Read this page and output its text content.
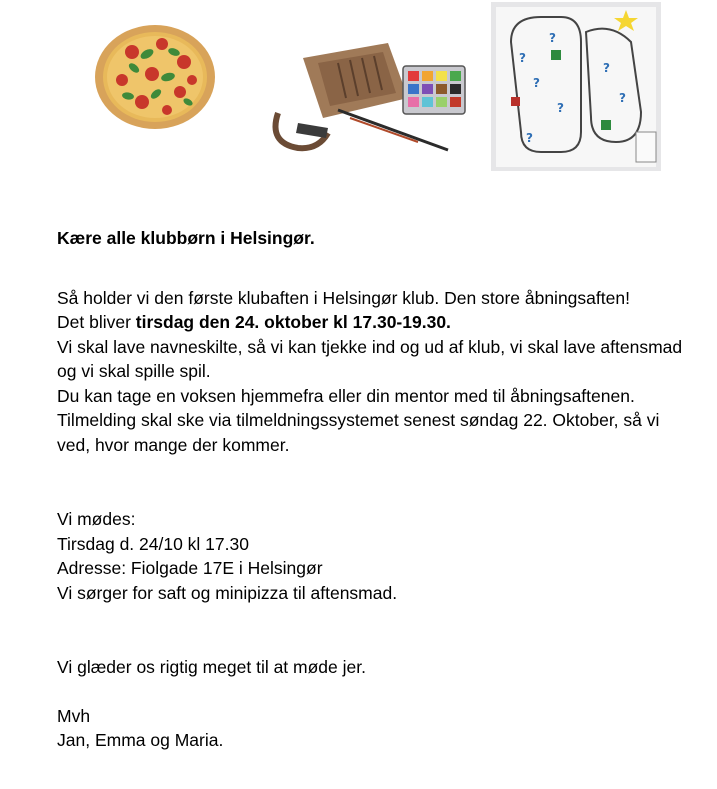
?
?
?
?
?
?
?

Kære alle klubbørn i Helsingør.

Så holder vi den første klubaften i Helsingør klub. Den store åbningsaften!

Det bliver tirsdag den 24. oktober kl 17.30-19.30.

Vi skal lave navneskilte, så vi kan tjekke ind og ud af klub, vi skal lave aftensmad og vi skal spille spil.

Du kan tage en voksen hjemmefra eller din mentor med til åbningsaftenen.

Tilmelding skal ske via tilmeldningssystemet senest søndag 22. Oktober, så vi ved, hvor mange der kommer.

Vi mødes:

Tirsdag d. 24/10 kl 17.30

Adresse: Fiolgade 17E i Helsingør

Vi sørger for saft og minipizza til aftensmad.

Vi glæder os rigtig meget til at møde jer.

Mvh

Jan, Emma og Maria.
